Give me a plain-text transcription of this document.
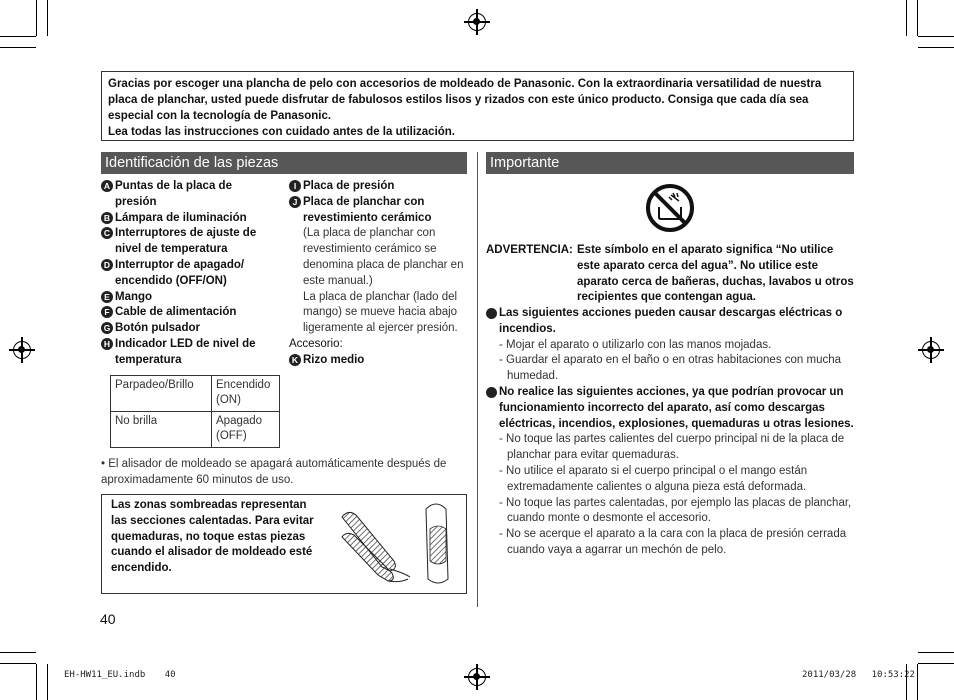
Gracias por escoger una plancha de pelo con accesorios de moldeado de Panasonic. Con la extraordinaria versatilidad de nuestra placa de planchar, usted puede disfrutar de fabulosos estilos lisos y rizados con este único producto. Consiga que cada día sea especial con la tecnología de Panasonic.

Lea todas las instrucciones con cuidado antes de la utilización.

Identificación de las piezas	Importante
A Puntas de la placa de presión
B Lámpara de iluminación
C Interruptores de ajuste de nivel de temperatura
D Interruptor de apagado/ encendido (OFF/ON)
E Mango
F Cable de alimentación
G Botón pulsador
H Indicador LED de nivel de temperatura
I Placa de presión
J Placa de planchar con revestimiento cerámico
(La placa de planchar con revestimiento cerámico se denomina placa de planchar en este manual.)
La placa de planchar (lado del mango) se mueve hacia abajo ligeramente al ejercer presión.
Accesorio:
K Rizo medio
Parpadeo/Brillo	Encendido (ON)
No brilla	Apagado (OFF)
• El alisador de moldeado se apagará automáticamente después de aproximadamente 60 minutos de uso.
Las zonas sombreadas representan las secciones calentadas. Para evitar quemaduras, no toque estas piezas cuando el alisador de moldeado esté encendido.
40
EH-HW11_EU.indb 40	2011/03/28 10:53:22
ADVERTENCIA: Este símbolo en el aparato significa “No utilice este aparato cerca del agua”. No utilice este aparato cerca de bañeras, duchas, lavabos u otros recipientes que contengan agua.
Las siguientes acciones pueden causar descargas eléctricas o incendios.
- Mojar el aparato o utilizarlo con las manos mojadas.
- Guardar el aparato en el baño o en otras habitaciones con mucha humedad.
No realice las siguientes acciones, ya que podrían provocar un funcionamiento incorrecto del aparato, así como descargas eléctricas, incendios, explosiones, quemaduras u otras lesiones.
- No toque las partes calientes del cuerpo principal ni de la placa de planchar para evitar quemaduras.
- No utilice el aparato si el cuerpo principal o el mango están extremadamente calientes o alguna pieza está deformada.
- No toque las partes calentadas, por ejemplo las placas de planchar, cuando monte o desmonte el accesorio.
- No se acerque el aparato a la cara con la placa de presión cerrada cuando vaya a agarrar un mechón de pelo.
